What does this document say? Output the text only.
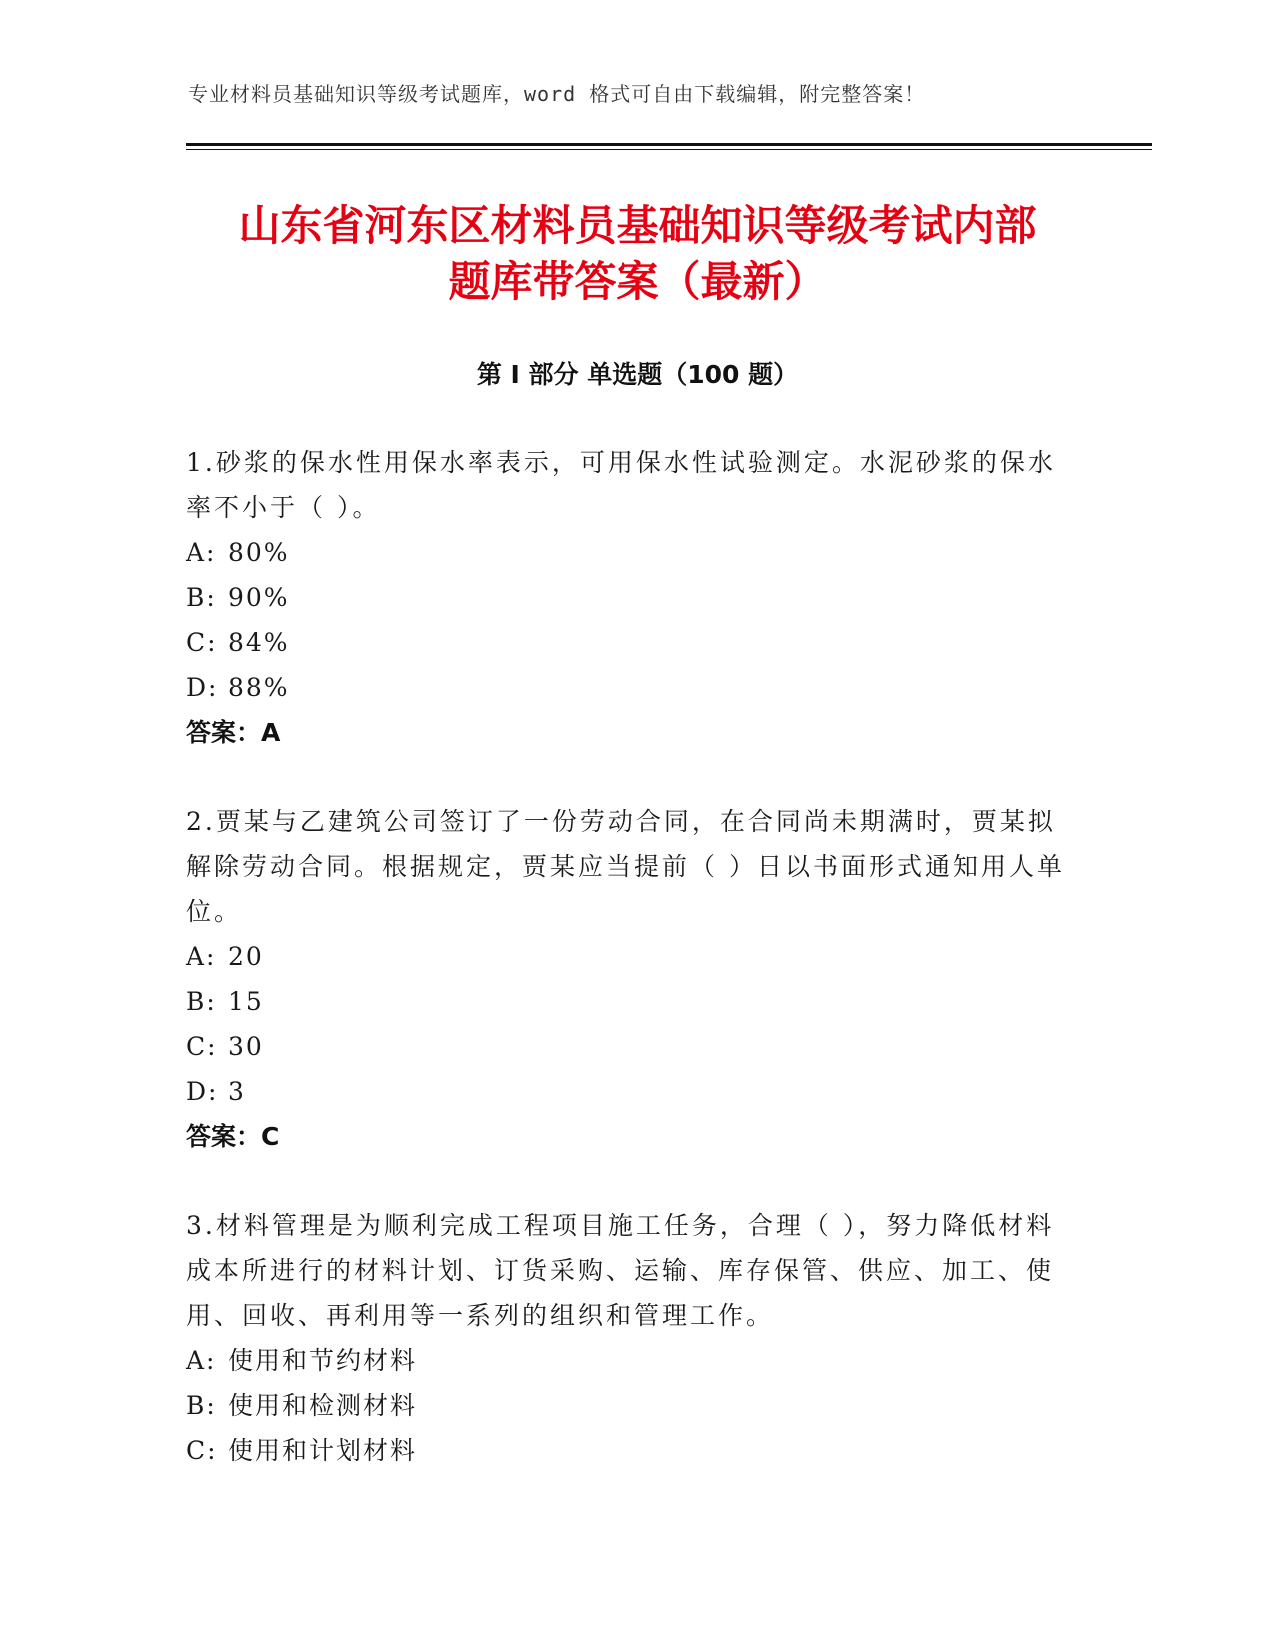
专业材料员基础知识等级考试题库，word 格式可自由下载编辑，附完整答案！
山东省河东区材料员基础知识等级考试内部
题库带答案（最新）
第 I 部分 单选题（100 题）
1.砂浆的保水性用保水率表示，可用保水性试验测定。水泥砂浆的保水率不小于（ ）。
A: 80%
B: 90%
C: 84%
D: 88%
答案：A
2.贾某与乙建筑公司签订了一份劳动合同，在合同尚未期满时，贾某拟解除劳动合同。根据规定，贾某应当提前（ ）日以书面形式通知用人单位。
A: 20
B: 15
C: 30
D: 3
答案：C
3.材料管理是为顺利完成工程项目施工任务，合理（ ），努力降低材料成本所进行的材料计划、订货采购、运输、库存保管、供应、加工、使用、回收、再利用等一系列的组织和管理工作。
A: 使用和节约材料
B: 使用和检测材料
C: 使用和计划材料
